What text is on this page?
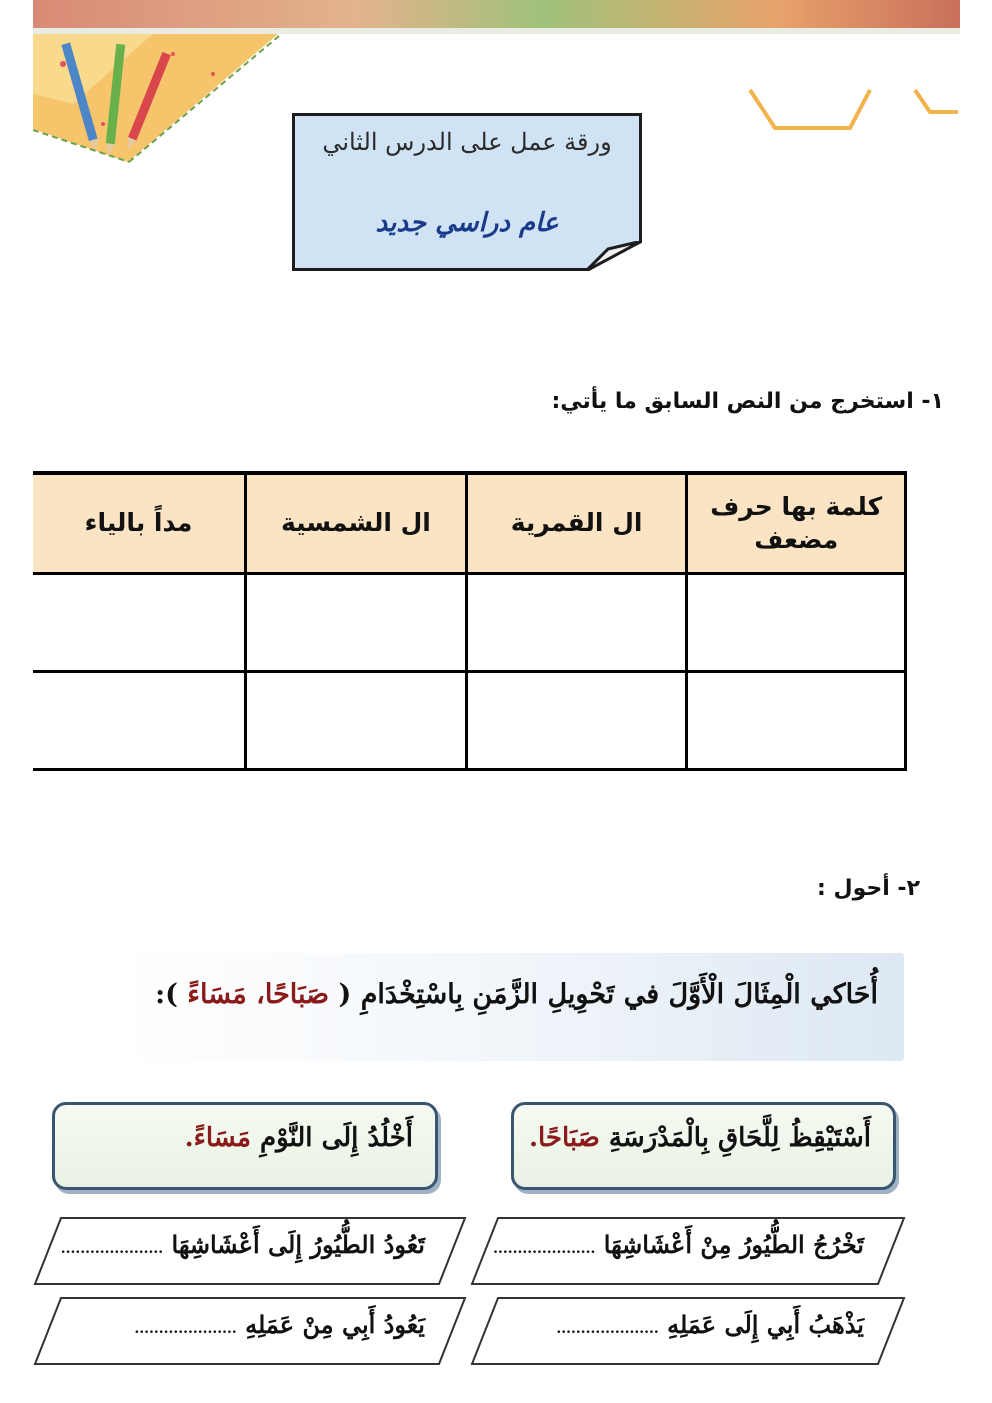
ورقة عمل على الدرس الثاني
عام دراسي جديد
١- استخرج من النص السابق ما يأتي:
كلمة بها حرف مضعف	ال القمرية	ال الشمسية	مداً بالياء

٢- أحول :
أُحَاكي الْمِثَالَ الْأَوَّلَ في تَحْوِيلِ الزَّمَنِ بِاسْتِخْدَامِ ( صَبَاحًا، مَسَاءً ):
أَسْتَيْقِظُ لِلَّحَاقِ بِالْمَدْرَسَةِ صَبَاحًا.
أَخْلُدُ إِلَى النَّوْمِ مَسَاءً.
تَخْرُجُ الطُّيُورُ مِنْ أَعْشَاشِهَا .....................
تَعُودُ الطُّيُورُ إِلَى أَعْشَاشِهَا .....................
يَذْهَبُ أَبِي إِلَى عَمَلِهِ .....................
يَعُودُ أَبِي مِنْ عَمَلِهِ .....................
